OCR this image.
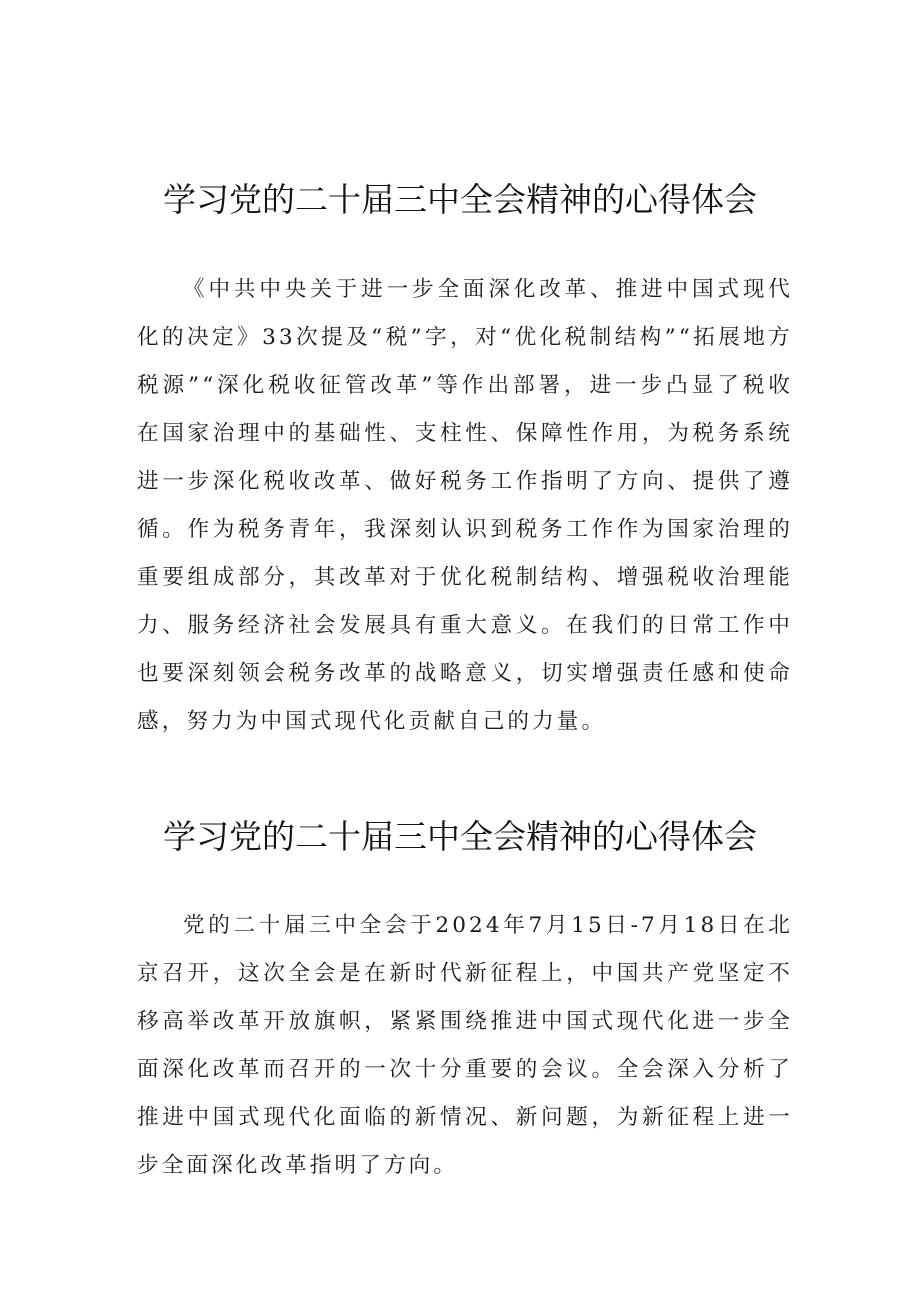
学习党的二十届三中全会精神的心得体会

《中共中央关于进一步全面深化改革、推进中国式现代化的决定》33次提及“税”字，对“优化税制结构”“拓展地方税源”“深化税收征管改革”等作出部署，进一步凸显了税收在国家治理中的基础性、支柱性、保障性作用，为税务系统进一步深化税收改革、做好税务工作指明了方向、提供了遵循。作为税务青年，我深刻认识到税务工作作为国家治理的重要组成部分，其改革对于优化税制结构、增强税收治理能力、服务经济社会发展具有重大意义。在我们的日常工作中也要深刻领会税务改革的战略意义，切实增强责任感和使命感，努力为中国式现代化贡献自己的力量。

学习党的二十届三中全会精神的心得体会

党的二十届三中全会于2024年7月15日-7月18日在北京召开，这次全会是在新时代新征程上，中国共产党坚定不移高举改革开放旗帜，紧紧围绕推进中国式现代化进一步全面深化改革而召开的一次十分重要的会议。全会深入分析了推进中国式现代化面临的新情况、新问题，为新征程上进一步全面深化改革指明了方向。
